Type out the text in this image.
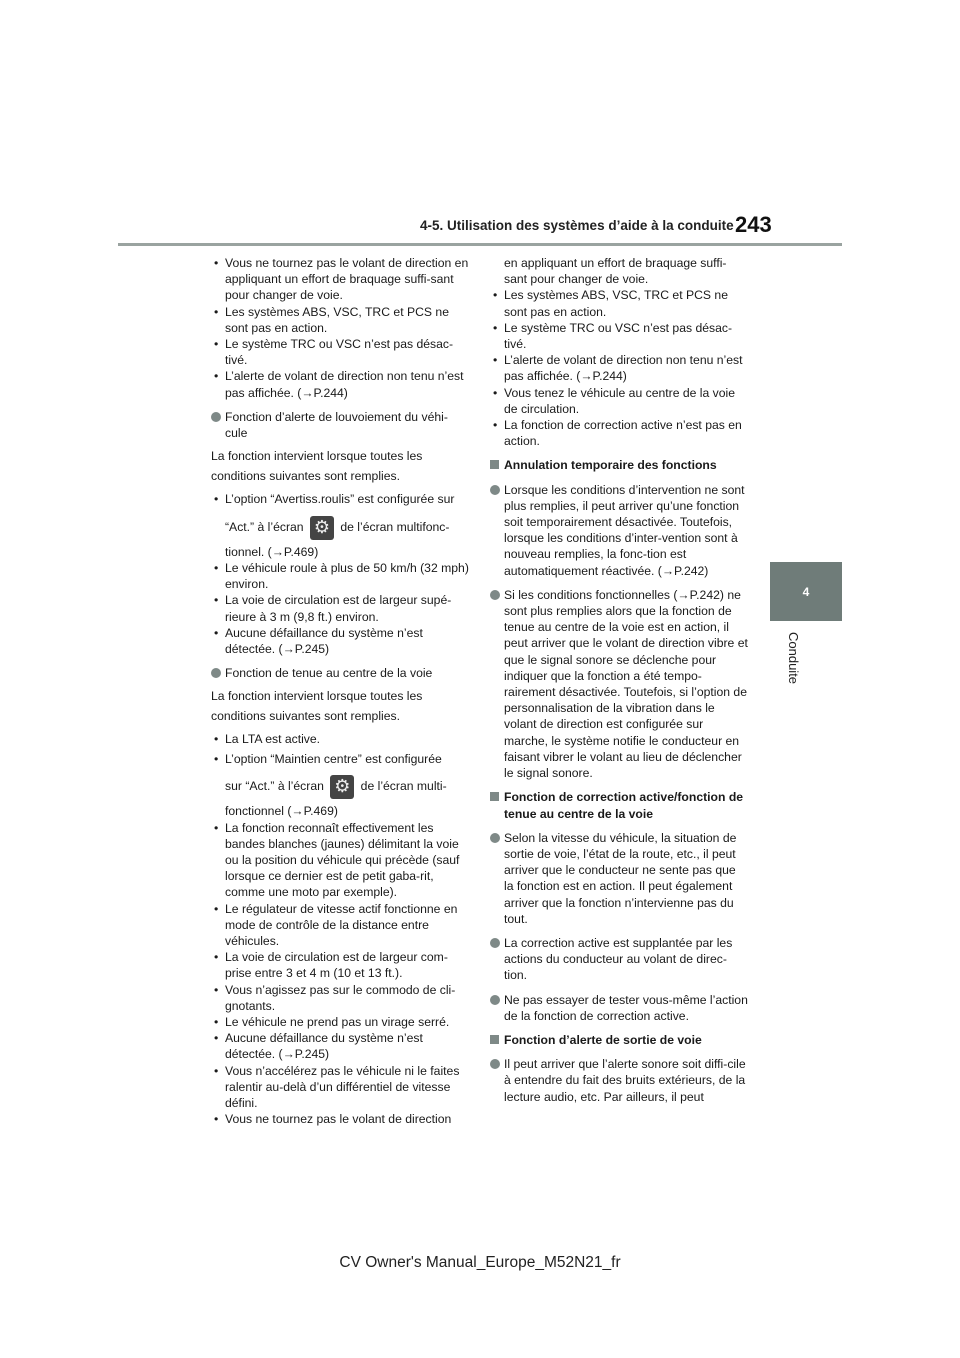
4-5. Utilisation des systèmes d’aide à la conduite 243
4
Conduite

• Vous ne tournez pas le volant de direction en appliquant un effort de braquage suffi-sant pour changer de voie.

• Les systèmes ABS, VSC, TRC et PCS ne sont pas en action.

• Le système TRC ou VSC n’est pas désac-tivé.

• L’alerte de volant de direction non tenu n’est pas affichée. (→P.244)

Fonction d’alerte de louvoiement du véhi-cule

La fonction intervient lorsque toutes les

conditions suivantes sont remplies.

• L’option “Avertiss.roulis” est configurée sur

“Act.” à l’écran ⚙	de l’écran multifonc-

tionnel. (→P.469)

• Le véhicule roule à plus de 50 km/h (32 mph) environ.

• La voie de circulation est de largeur supé-rieure à 3 m (9,8 ft.) environ.

• Aucune défaillance du système n’est détectée. (→P.245)

Fonction de tenue au centre de la voie

La fonction intervient lorsque toutes les

conditions suivantes sont remplies.

• La LTA est active.

• L’option “Maintien centre” est configurée

sur “Act.” à l’écran ⚙	de l’écran multi-

fonctionnel (→P.469)

• La fonction reconnaît effectivement les bandes blanches (jaunes) délimitant la voie ou la position du véhicule qui précède (sauf lorsque ce dernier est de petit gaba-rit, comme une moto par exemple).

• Le régulateur de vitesse actif fonctionne en mode de contrôle de la distance entre véhicules.

• La voie de circulation est de largeur com-prise entre 3 et 4 m (10 et 13 ft.).

• Vous n’agissez pas sur le commodo de cli-gnotants.

• Le véhicule ne prend pas un virage serré.

• Aucune défaillance du système n’est détectée. (→P.245)

• Vous n’accélérez pas le véhicule ni le faites ralentir au-delà d’un différentiel de vitesse défini.

• Vous ne tournez pas le volant de direction

en appliquant un effort de braquage suffi-sant pour changer de voie.

• Les systèmes ABS, VSC, TRC et PCS ne sont pas en action.

• Le système TRC ou VSC n’est pas désac-tivé.

• L’alerte de volant de direction non tenu n’est pas affichée. (→P.244)

• Vous tenez le véhicule au centre de la voie de circulation.

• La fonction de correction active n’est pas en action.

Annulation temporaire des fonctions

Lorsque les conditions d’intervention ne sont plus remplies, il peut arriver qu’une fonction soit temporairement désactivée. Toutefois, lorsque les conditions d’inter-vention sont à nouveau remplies, la fonc-tion est automatiquement réactivée. (→P.242)

Si les conditions fonctionnelles (→P.242) ne sont plus remplies alors que la fonction de tenue au centre de la voie est en action, il peut arriver que le volant de direction vibre et que le signal sonore se déclenche pour indiquer que la fonction a été tempo-rairement désactivée. Toutefois, si l’option de personnalisation de la vibration dans le volant de direction est configurée sur marche, le système notifie le conducteur en faisant vibrer le volant au lieu de déclencher le signal sonore.

Fonction de correction active/fonction de tenue au centre de la voie

Selon la vitesse du véhicule, la situation de sortie de voie, l’état de la route, etc., il peut arriver que le conducteur ne sente pas que la fonction est en action. Il peut également arriver que la fonction n’intervienne pas du tout.

La correction active est supplantée par les actions du conducteur au volant de direc-tion.

Ne pas essayer de tester vous-même l’action de la fonction de correction active.

Fonction d’alerte de sortie de voie

Il peut arriver que l’alerte sonore soit diffi-cile à entendre du fait des bruits extérieurs, de la lecture audio, etc. Par ailleurs, il peut

CV Owner's Manual_Europe_M52N21_fr
